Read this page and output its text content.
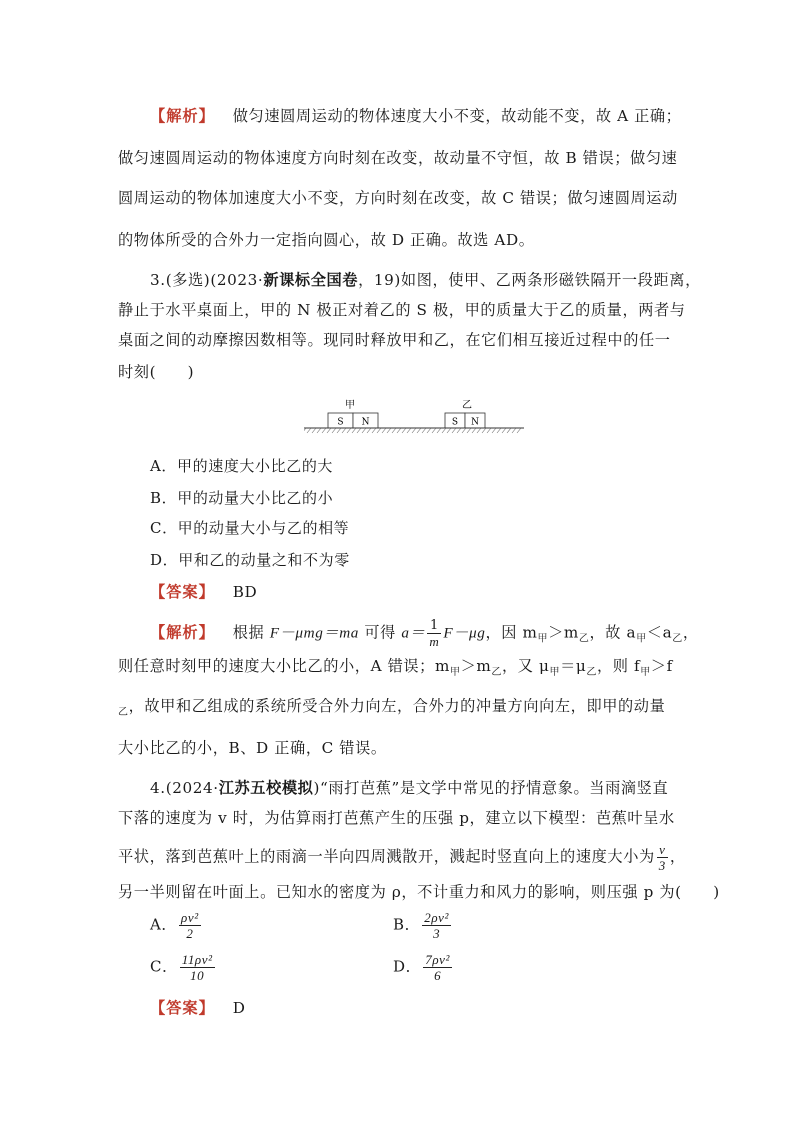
【解析】 做匀速圆周运动的物体速度大小不变，故动能不变，故 A 正确；
做匀速圆周运动的物体速度方向时刻在改变，故动量不守恒，故 B 错误；做匀速
圆周运动的物体加速度大小不变，方向时刻在改变，故 C 错误；做匀速圆周运动
的物体所受的合外力一定指向圆心，故 D 正确。故选 AD。
3.(多选)(2023·新课标全国卷，19)如图，使甲、乙两条形磁铁隔开一段距离，
静止于水平桌面上，甲的 N 极正对着乙的 S 极，甲的质量大于乙的质量，两者与
桌面之间的动摩擦因数相等。现同时释放甲和乙，在它们相互接近过程中的任一
时刻(　　)
甲	乙
S N	S N
A．甲的速度大小比乙的大
B．甲的动量大小比乙的小
C．甲的动量大小与乙的相等
D．甲和乙的动量之和不为零
【答案】 BD
【解析】 根据 F－μmg＝ma 可得 $a= \frac{1}{m} F-\mu g$，因 $m_甲>m_乙$，故 $a_甲<a_乙$，
则任意时刻甲的速度大小比乙的小，A 错误；$m_甲>m_乙$，又 $\mu_甲=\mu_乙$，则 $f_甲>f$
$_乙$，故甲和乙组成的系统所受合外力向左，合外力的冲量方向向左，即甲的动量
大小比乙的小，B、D 正确，C 错误。
4.(2024·江苏五校模拟)“雨打芭蕉”是文学中常见的抒情意象。当雨滴竖直
下落的速度为 v 时，为估算雨打芭蕉产生的压强 p，建立以下模型：芭蕉叶呈水
平状，落到芭蕉叶上的雨滴一半向四周溅散开，溅起时竖直向上的速度大小为 $\frac{v}{3}$ ，
另一半则留在叶面上。已知水的密度为 ρ，不计重力和风力的影响，则压强 p 为(　　)
A． $\frac{\text{ρv²}}{2}$	B． $\frac{\text{2ρv²}}{3}$
C． $\frac{\text{11ρv²}}{10}$	D． $\frac{\text{7ρv²}}{6}$
【答案】 D
